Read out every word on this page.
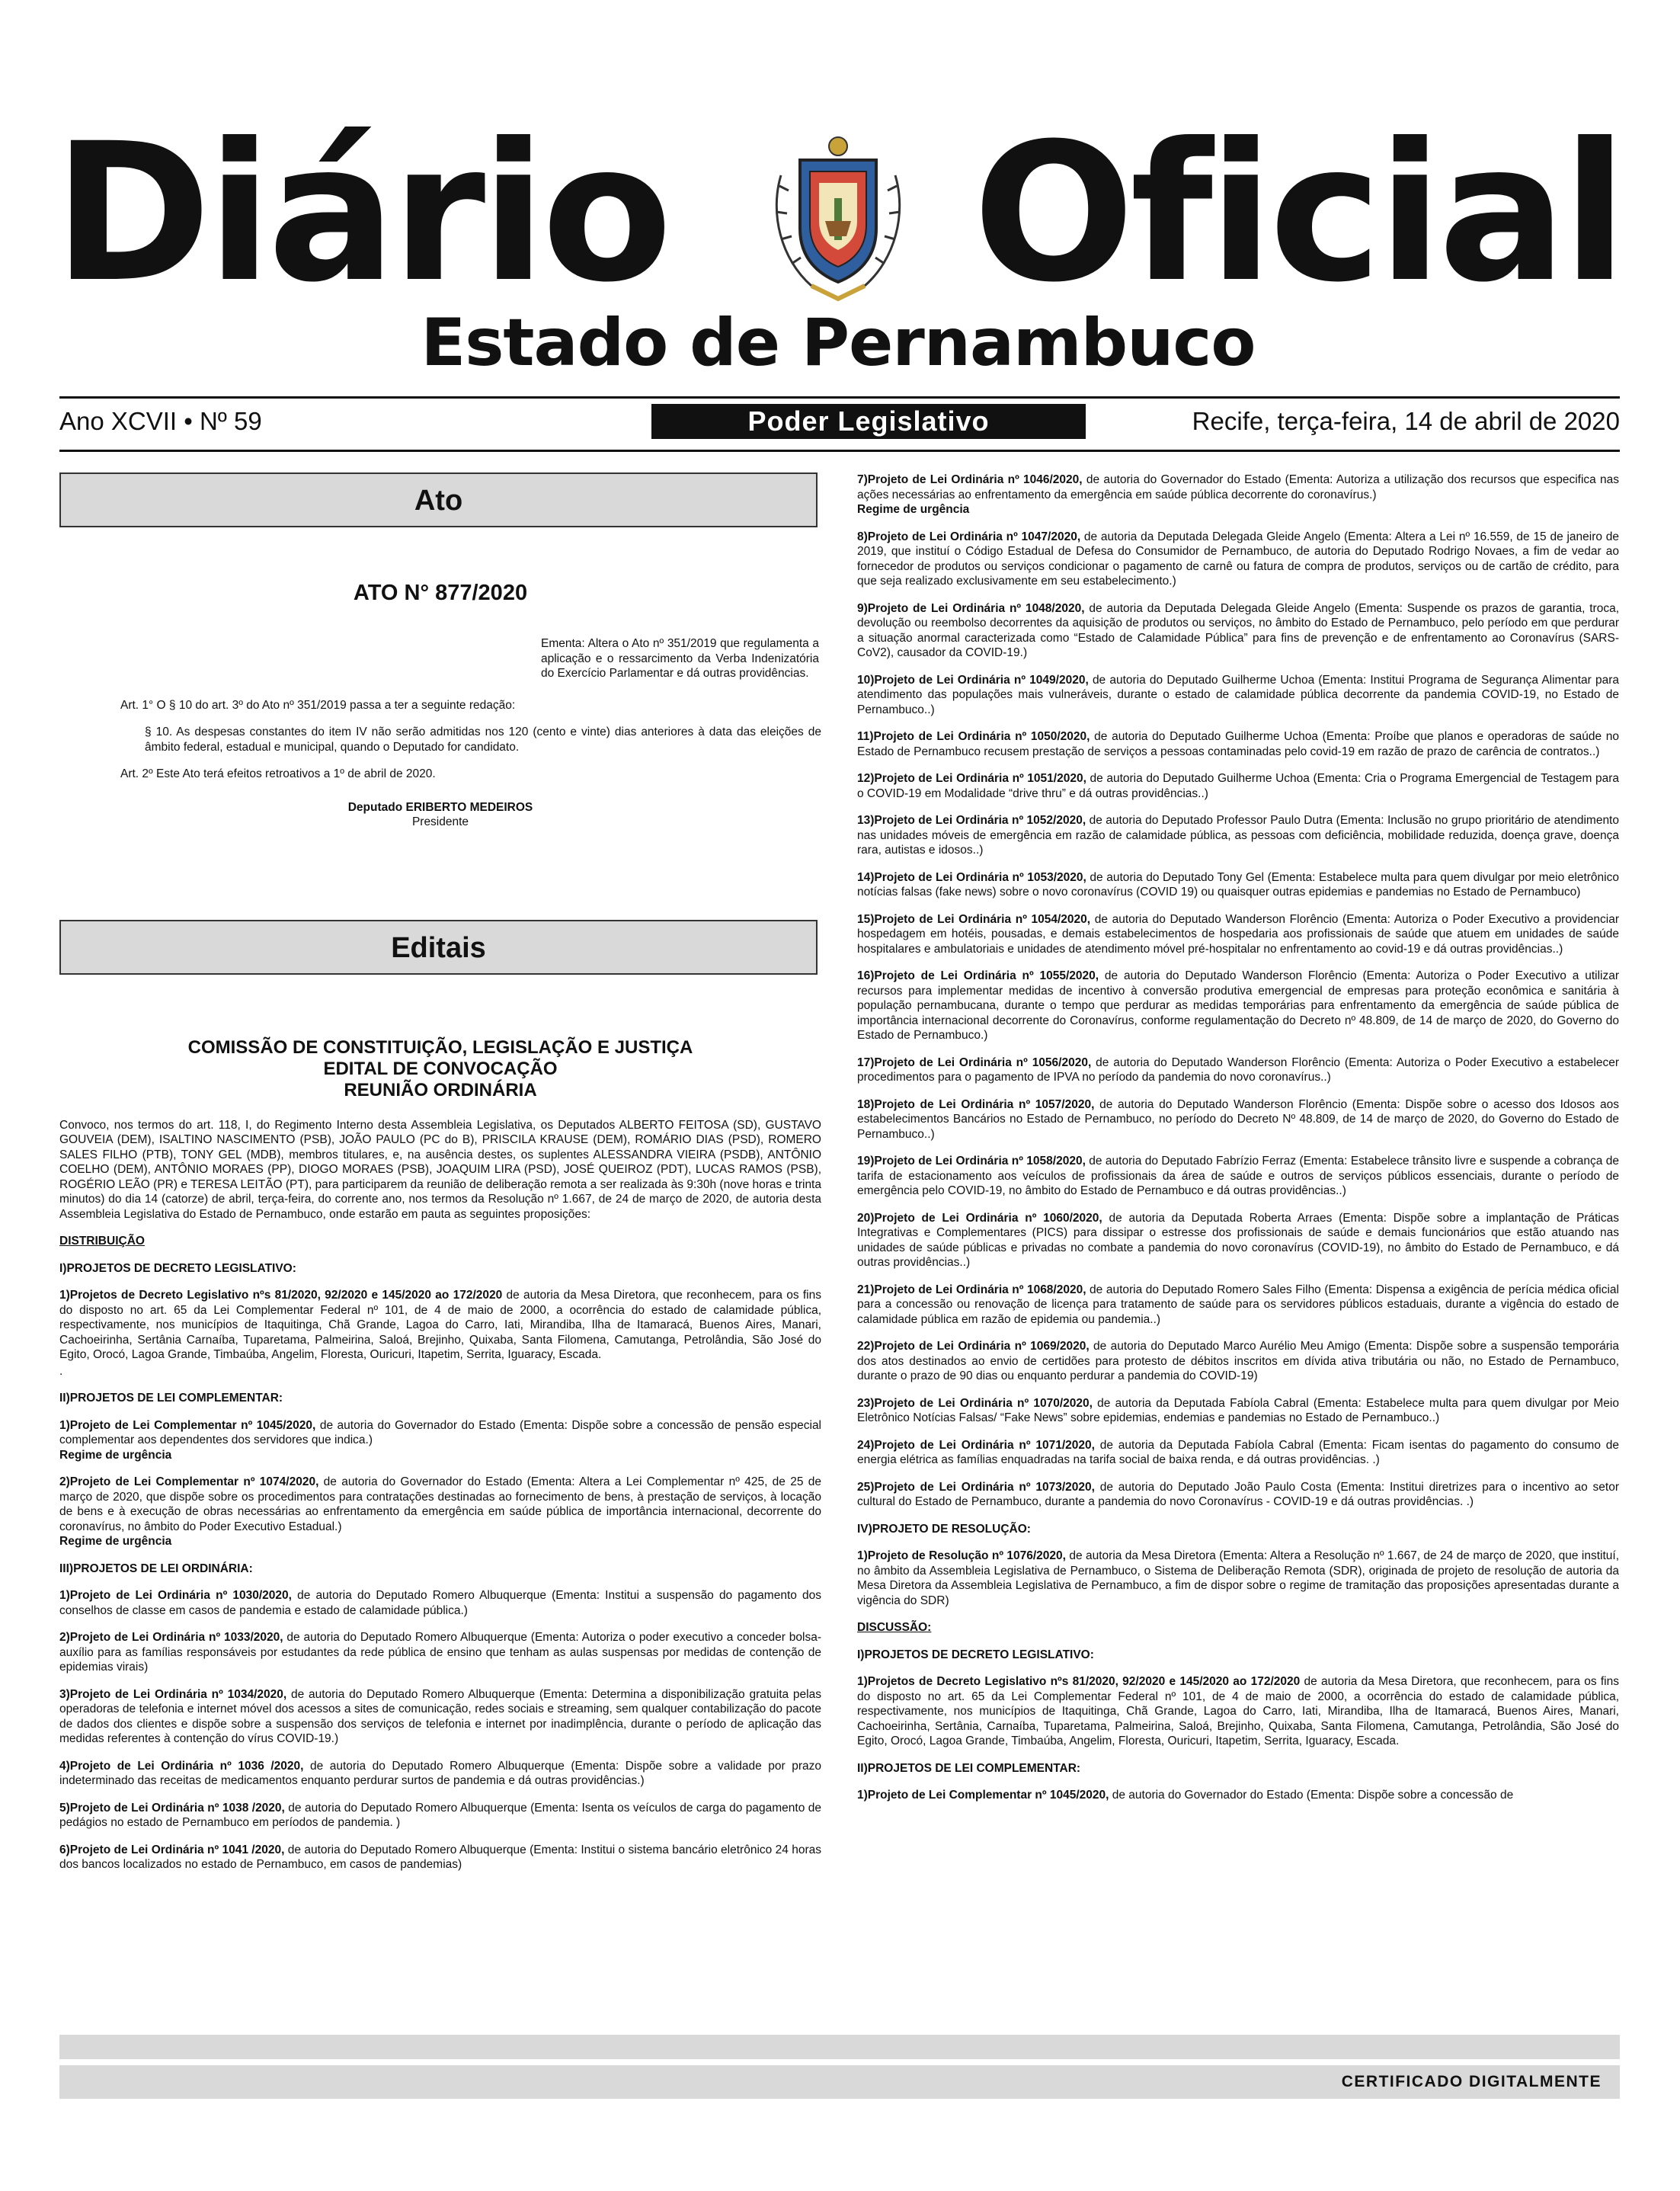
Diário Oficial
Estado de Pernambuco
Ano XCVII • Nº 59	Poder Legislativo	Recife, terça-feira, 14 de abril de 2020
Ato
ATO N° 877/2020

Ementa: Altera o Ato nº 351/2019 que regulamenta a aplicação e o ressarcimento da Verba Indenizatória do Exercício Parlamentar e dá outras providências.

Art. 1° O § 10 do art. 3º do Ato nº 351/2019 passa a ter a seguinte redação:

§ 10. As despesas constantes do item IV não serão admitidas nos 120 (cento e vinte) dias anteriores à data das eleições de âmbito federal, estadual e municipal, quando o Deputado for candidato.

Art. 2º Este Ato terá efeitos retroativos a 1º de abril de 2020.

Deputado ERIBERTO MEDEIROS
Presidente
Editais
COMISSÃO DE CONSTITUIÇÃO, LEGISLAÇÃO E JUSTIÇA
EDITAL DE CONVOCAÇÃO
REUNIÃO ORDINÁRIA

Convoco, nos termos do art. 118, I, do Regimento Interno desta Assembleia Legislativa, os Deputados ALBERTO FEITOSA (SD), GUSTAVO GOUVEIA (DEM), ISALTINO NASCIMENTO (PSB), JOÃO PAULO (PC do B), PRISCILA KRAUSE (DEM), ROMÁRIO DIAS (PSD), ROMERO SALES FILHO (PTB), TONY GEL (MDB), membros titulares, e, na ausência destes, os suplentes ALESSANDRA VIEIRA (PSDB), ANTÔNIO COELHO (DEM), ANTÔNIO MORAES (PP), DIOGO MORAES (PSB), JOAQUIM LIRA (PSD), JOSÉ QUEIROZ (PDT), LUCAS RAMOS (PSB), ROGÉRIO LEÃO (PR) e TERESA LEITÃO (PT), para participarem da reunião de deliberação remota a ser realizada às 9:30h (nove horas e trinta minutos) do dia 14 (catorze) de abril, terça-feira, do corrente ano, nos termos da Resolução nº 1.667, de 24 de março de 2020, de autoria desta Assembleia Legislativa do Estado de Pernambuco, onde estarão em pauta as seguintes proposições:

DISTRIBUIÇÃO

I)PROJETOS DE DECRETO LEGISLATIVO:

1)Projetos de Decreto Legislativo nºs 81/2020, 92/2020 e 145/2020 ao 172/2020 de autoria da Mesa Diretora, que reconhecem, para os fins do disposto no art. 65 da Lei Complementar Federal nº 101, de 4 de maio de 2000, a ocorrência do estado de calamidade pública, respectivamente, nos municípios de Itaquitinga, Chã Grande, Lagoa do Carro, Iati, Mirandiba, Ilha de Itamaracá, Buenos Aires, Manari, Cachoeirinha, Sertânia Carnaíba, Tuparetama, Palmeirina, Saloá, Brejinho, Quixaba, Santa Filomena, Camutanga, Petrolândia, São José do Egito, Orocó, Lagoa Grande, Timbaúba, Angelim, Floresta, Ouricuri, Itapetim, Serrita, Iguaracy, Escada.

.

II)PROJETOS DE LEI COMPLEMENTAR:

1)Projeto de Lei Complementar nº 1045/2020, de autoria do Governador do Estado (Ementa: Dispõe sobre a concessão de pensão especial complementar aos dependentes dos servidores que indica.)

Regime de urgência

2)Projeto de Lei Complementar nº 1074/2020, de autoria do Governador do Estado (Ementa: Altera a Lei Complementar nº 425, de 25 de março de 2020, que dispõe sobre os procedimentos para contratações destinadas ao fornecimento de bens, à prestação de serviços, à locação de bens e à execução de obras necessárias ao enfrentamento da emergência em saúde pública de importância internacional, decorrente do coronavírus, no âmbito do Poder Executivo Estadual.)

Regime de urgência

III)PROJETOS DE LEI ORDINÁRIA:

1)Projeto de Lei Ordinária nº 1030/2020, de autoria do Deputado Romero Albuquerque (Ementa: Institui a suspensão do pagamento dos conselhos de classe em casos de pandemia e estado de calamidade pública.)

2)Projeto de Lei Ordinária nº 1033/2020, de autoria do Deputado Romero Albuquerque (Ementa: Autoriza o poder executivo a conceder bolsa-auxílio para as famílias responsáveis por estudantes da rede pública de ensino que tenham as aulas suspensas por medidas de contenção de epidemias virais)

3)Projeto de Lei Ordinária nº 1034/2020, de autoria do Deputado Romero Albuquerque (Ementa: Determina a disponibilização gratuita pelas operadoras de telefonia e internet móvel dos acessos a sites de comunicação, redes sociais e streaming, sem qualquer contabilização do pacote de dados dos clientes e dispõe sobre a suspensão dos serviços de telefonia e internet por inadimplência, durante o período de aplicação das medidas referentes à contenção do vírus COVID-19.)

4)Projeto de Lei Ordinária nº 1036 /2020, de autoria do Deputado Romero Albuquerque (Ementa: Dispõe sobre a validade por prazo indeterminado das receitas de medicamentos enquanto perdurar surtos de pandemia e dá outras providências.)

5)Projeto de Lei Ordinária nº 1038 /2020, de autoria do Deputado Romero Albuquerque (Ementa: Isenta os veículos de carga do pagamento de pedágios no estado de Pernambuco em períodos de pandemia. )

6)Projeto de Lei Ordinária nº 1041 /2020, de autoria do Deputado Romero Albuquerque (Ementa: Institui o sistema bancário eletrônico 24 horas dos bancos localizados no estado de Pernambuco, em casos de pandemias)

7)Projeto de Lei Ordinária nº 1046/2020, de autoria do Governador do Estado (Ementa: Autoriza a utilização dos recursos que especifica nas ações necessárias ao enfrentamento da emergência em saúde pública decorrente do coronavírus.)

Regime de urgência

8)Projeto de Lei Ordinária nº 1047/2020, de autoria da Deputada Delegada Gleide Angelo (Ementa: Altera a Lei nº 16.559, de 15 de janeiro de 2019, que instituí o Código Estadual de Defesa do Consumidor de Pernambuco, de autoria do Deputado Rodrigo Novaes, a fim de vedar ao fornecedor de produtos ou serviços condicionar o pagamento de carnê ou fatura de compra de produtos, serviços ou de cartão de crédito, para que seja realizado exclusivamente em seu estabelecimento.)

9)Projeto de Lei Ordinária nº 1048/2020, de autoria da Deputada Delegada Gleide Angelo (Ementa: Suspende os prazos de garantia, troca, devolução ou reembolso decorrentes da aquisição de produtos ou serviços, no âmbito do Estado de Pernambuco, pelo período em que perdurar a situação anormal caracterizada como “Estado de Calamidade Pública” para fins de prevenção e de enfrentamento ao Coronavírus (SARS-CoV2), causador da COVID-19.)

10)Projeto de Lei Ordinária nº 1049/2020, de autoria do Deputado Guilherme Uchoa (Ementa: Institui Programa de Segurança Alimentar para atendimento das populações mais vulneráveis, durante o estado de calamidade pública decorrente da pandemia COVID-19, no Estado de Pernambuco..)

11)Projeto de Lei Ordinária nº 1050/2020, de autoria do Deputado Guilherme Uchoa (Ementa: Proíbe que planos e operadoras de saúde no Estado de Pernambuco recusem prestação de serviços a pessoas contaminadas pelo covid-19 em razão de prazo de carência de contratos..)

12)Projeto de Lei Ordinária nº 1051/2020, de autoria do Deputado Guilherme Uchoa (Ementa: Cria o Programa Emergencial de Testagem para o COVID-19 em Modalidade “drive thru” e dá outras providências..)

13)Projeto de Lei Ordinária nº 1052/2020, de autoria do Deputado Professor Paulo Dutra (Ementa: Inclusão no grupo prioritário de atendimento nas unidades móveis de emergência em razão de calamidade pública, as pessoas com deficiência, mobilidade reduzida, doença grave, doença rara, autistas e idosos..)

14)Projeto de Lei Ordinária nº 1053/2020, de autoria do Deputado Tony Gel (Ementa: Estabelece multa para quem divulgar por meio eletrônico notícias falsas (fake news) sobre o novo coronavírus (COVID 19) ou quaisquer outras epidemias e pandemias no Estado de Pernambuco)

15)Projeto de Lei Ordinária nº 1054/2020, de autoria do Deputado Wanderson Florêncio (Ementa: Autoriza o Poder Executivo a providenciar hospedagem em hotéis, pousadas, e demais estabelecimentos de hospedaria aos profissionais de saúde que atuem em unidades de saúde hospitalares e ambulatoriais e unidades de atendimento móvel pré-hospitalar no enfrentamento ao covid-19 e dá outras providências..)

16)Projeto de Lei Ordinária nº 1055/2020, de autoria do Deputado Wanderson Florêncio (Ementa: Autoriza o Poder Executivo a utilizar recursos para implementar medidas de incentivo à conversão produtiva emergencial de empresas para proteção econômica e sanitária à população pernambucana, durante o tempo que perdurar as medidas temporárias para enfrentamento da emergência de saúde pública de importância internacional decorrente do Coronavírus, conforme regulamentação do Decreto nº 48.809, de 14 de março de 2020, do Governo do Estado de Pernambuco.)

17)Projeto de Lei Ordinária nº 1056/2020, de autoria do Deputado Wanderson Florêncio (Ementa: Autoriza o Poder Executivo a estabelecer procedimentos para o pagamento de IPVA no período da pandemia do novo coronavírus..)

18)Projeto de Lei Ordinária nº 1057/2020, de autoria do Deputado Wanderson Florêncio (Ementa: Dispõe sobre o acesso dos Idosos aos estabelecimentos Bancários no Estado de Pernambuco, no período do Decreto Nº 48.809, de 14 de março de 2020, do Governo do Estado de Pernambuco..)

19)Projeto de Lei Ordinária nº 1058/2020, de autoria do Deputado Fabrízio Ferraz (Ementa: Estabelece trânsito livre e suspende a cobrança de tarifa de estacionamento aos veículos de profissionais da área de saúde e outros de serviços públicos essenciais, durante o período de emergência pelo COVID-19, no âmbito do Estado de Pernambuco e dá outras providências..)

20)Projeto de Lei Ordinária nº 1060/2020, de autoria da Deputada Roberta Arraes (Ementa: Dispõe sobre a implantação de Práticas Integrativas e Complementares (PICS) para dissipar o estresse dos profissionais de saúde e demais funcionários que estão atuando nas unidades de saúde públicas e privadas no combate a pandemia do novo coronavírus (COVID-19), no âmbito do Estado de Pernambuco, e dá outras providências..)

21)Projeto de Lei Ordinária nº 1068/2020, de autoria do Deputado Romero Sales Filho (Ementa: Dispensa a exigência de perícia médica oficial para a concessão ou renovação de licença para tratamento de saúde para os servidores públicos estaduais, durante a vigência do estado de calamidade pública em razão de epidemia ou pandemia..)

22)Projeto de Lei Ordinária nº 1069/2020, de autoria do Deputado Marco Aurélio Meu Amigo (Ementa: Dispõe sobre a suspensão temporária dos atos destinados ao envio de certidões para protesto de débitos inscritos em dívida ativa tributária ou não, no Estado de Pernambuco, durante o prazo de 90 dias ou enquanto perdurar a pandemia do COVID-19)

23)Projeto de Lei Ordinária nº 1070/2020, de autoria da Deputada Fabíola Cabral (Ementa: Estabelece multa para quem divulgar por Meio Eletrônico Notícias Falsas/ “Fake News” sobre epidemias, endemias e pandemias no Estado de Pernambuco..)

24)Projeto de Lei Ordinária nº 1071/2020, de autoria da Deputada Fabíola Cabral (Ementa: Ficam isentas do pagamento do consumo de energia elétrica as famílias enquadradas na tarifa social de baixa renda, e dá outras providências. .)

25)Projeto de Lei Ordinária nº 1073/2020, de autoria do Deputado João Paulo Costa (Ementa: Institui diretrizes para o incentivo ao setor cultural do Estado de Pernambuco, durante a pandemia do novo Coronavírus - COVID-19 e dá outras providências. .)

IV)PROJETO DE RESOLUÇÃO:

1)Projeto de Resolução nº 1076/2020, de autoria da Mesa Diretora (Ementa: Altera a Resolução nº 1.667, de 24 de março de 2020, que instituí, no âmbito da Assembleia Legislativa de Pernambuco, o Sistema de Deliberação Remota (SDR), originada de projeto de resolução de autoria da Mesa Diretora da Assembleia Legislativa de Pernambuco, a fim de dispor sobre o regime de tramitação das proposições apresentadas durante a vigência do SDR)

DISCUSSÃO:

I)PROJETOS DE DECRETO LEGISLATIVO:

1)Projetos de Decreto Legislativo nºs 81/2020, 92/2020 e 145/2020 ao 172/2020 de autoria da Mesa Diretora, que reconhecem, para os fins do disposto no art. 65 da Lei Complementar Federal nº 101, de 4 de maio de 2000, a ocorrência do estado de calamidade pública, respectivamente, nos municípios de Itaquitinga, Chã Grande, Lagoa do Carro, Iati, Mirandiba, Ilha de Itamaracá, Buenos Aires, Manari, Cachoeirinha, Sertânia, Carnaíba, Tuparetama, Palmeirina, Saloá, Brejinho, Quixaba, Santa Filomena, Camutanga, Petrolândia, São José do Egito, Orocó, Lagoa Grande, Timbaúba, Angelim, Floresta, Ouricuri, Itapetim, Serrita, Iguaracy, Escada.

II)PROJETOS DE LEI COMPLEMENTAR:

1)Projeto de Lei Complementar nº 1045/2020, de autoria do Governador do Estado (Ementa: Dispõe sobre a concessão de

CERTIFICADO DIGITALMENTE
